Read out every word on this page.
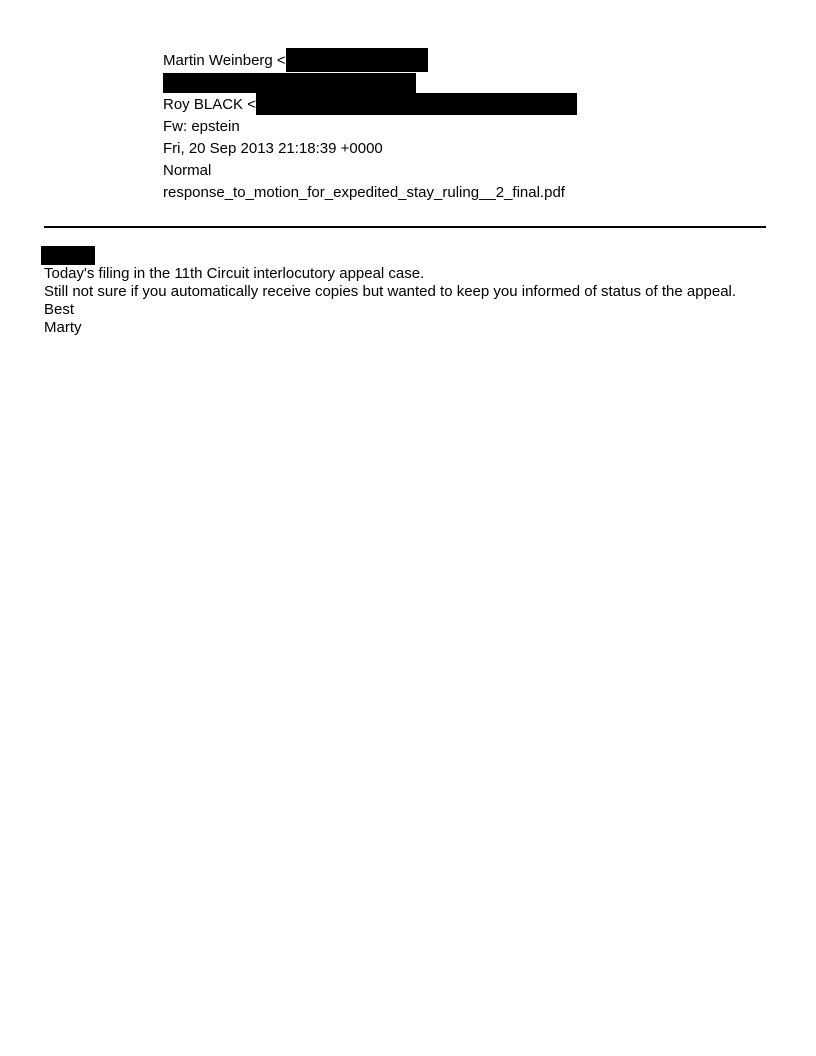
Martin Weinberg <
Roy BLACK <
Fw: epstein
Fri, 20 Sep 2013 21:18:39 +0000
Normal
response_to_motion_for_expedited_stay_ruling__2_final.pdf
Today's filing in the 11th Circuit interlocutory appeal case.
Still not sure if you automatically receive copies but wanted to keep you informed of status of the appeal.
Best
Marty
